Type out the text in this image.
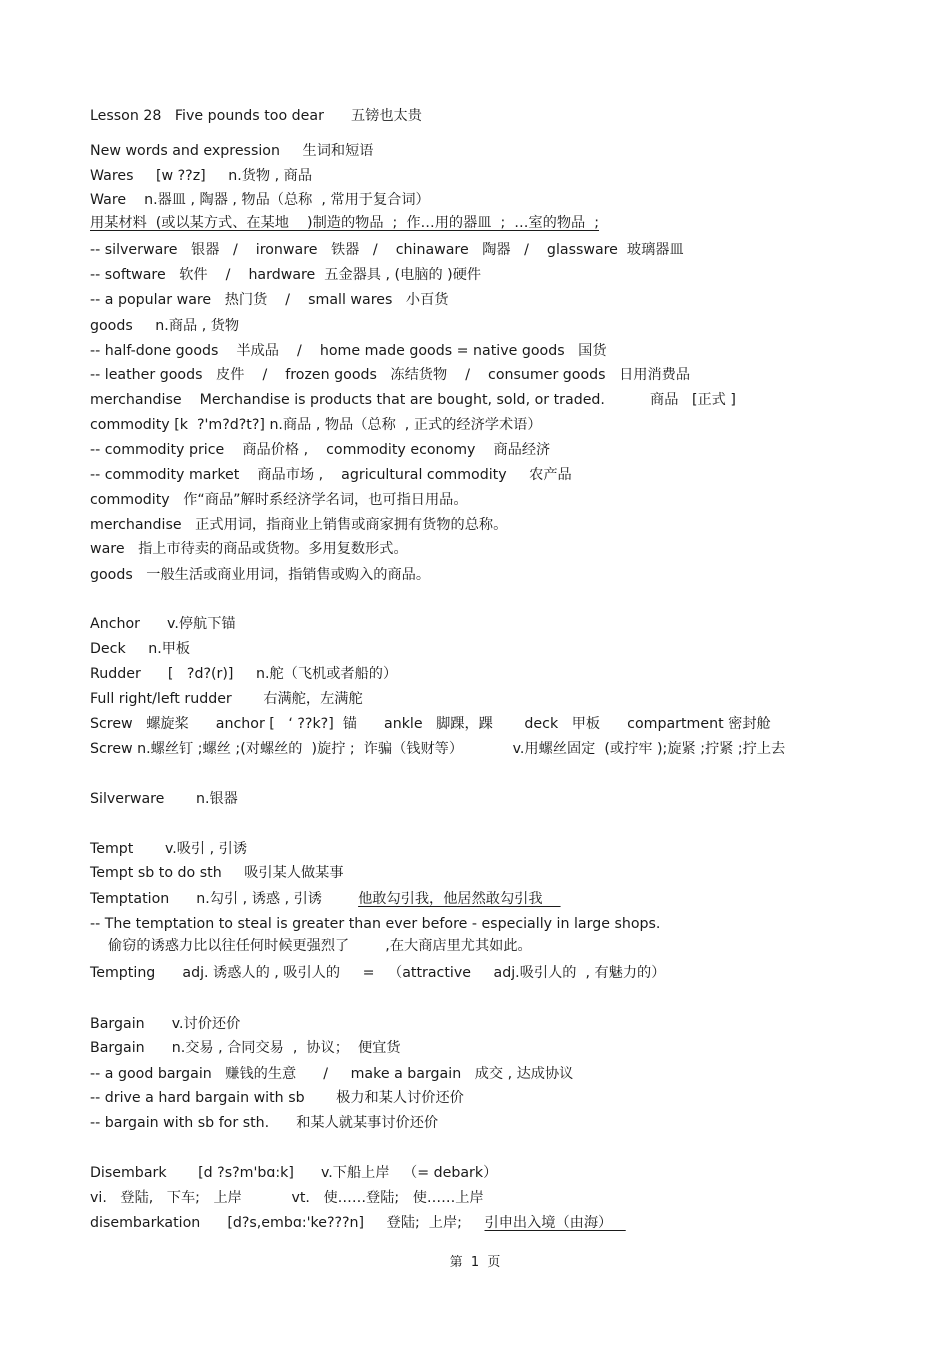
Lesson 28   Five pounds too dear      五镑也太贵
New words and expression     生词和短语
Wares     [w ??z]     n.货物 , 商品
Ware    n.器皿 , 陶器 , 物品（总称  , 常用于复合词）
用某材料  (或以某方式、在某地    )制造的物品  ;  作…用的器皿  ;  …室的物品  ;
-- silverware   银器   /    ironware   铁器   /    chinaware   陶器   /    glassware  玻璃器皿
-- software   软件    /    hardware  五金器具 , (电脑的 )硬件
-- a popular ware   热门货    /    small wares   小百货
goods     n.商品 , 货物
-- half-done goods    半成品    /    home made goods = native goods   国货
-- leather goods   皮件    /    frozen goods   冻结货物    /    consumer goods   日用消费品
merchandise    Merchandise is products that are bought, sold, or traded.          商品   [正式 ]
commodity [k  ?'m?d?t?] n.商品 , 物品（总称  , 正式的经济学术语）
-- commodity price    商品价格 ,    commodity economy    商品经济
-- commodity market    商品市场 ,    agricultural commodity     农产品
commodity   作“商品”解时系经济学名词，也可指日用品。
merchandise   正式用词，指商业上销售或商家拥有货物的总称。
ware   指上市待卖的商品或货物。多用复数形式。
goods   一般生活或商业用词，指销售或购入的商品。
Anchor      v.停航下锚
Deck     n.甲板
Rudder      [   ?d?(r)]     n.舵（飞机或者船的）
Full right/left rudder       右满舵，左满舵
Screw   螺旋桨      anchor [   ‘ ??k?]  锚      ankle   脚踝，踝       deck   甲板      compartment 密封舱
Screw n.螺丝钉 ;螺丝 ;(对螺丝的  )旋拧 ;  诈骗（钱财等）           v.用螺丝固定  (或拧牢 );旋紧 ;拧紧 ;拧上去
Silverware       n.银器
Tempt       v.吸引 , 引诱
Tempt sb to do sth     吸引某人做某事
Temptation      n.勾引 , 诱惑 , 引诱        他敢勾引我，他居然敢勾引我
-- The temptation to steal is greater than ever before - especially in large shops.
偷窃的诱惑力比以往任何时候更强烈了        ,在大商店里尤其如此。
Tempting      adj. 诱惑人的 , 吸引人的     =   （attractive     adj.吸引人的  , 有魅力的）
Bargain      v.讨价还价
Bargain      n.交易 , 合同交易  ,  协议；  便宜货
-- a good bargain   赚钱的生意      /     make a bargain   成交 , 达成协议
-- drive a hard bargain with sb       极力和某人讨价还价
-- bargain with sb for sth.      和某人就某事讨价还价
Disembark       [d ?s?m'bɑ:k]      v.下船上岸   （= debark）
vi.   登陆,   下车;   上岸           vt.   使……登陆;   使……上岸
disembarkation      [d?s,embɑ:'ke???n]     登陆;  上岸;     引申出入境（由海）
第  1  页
